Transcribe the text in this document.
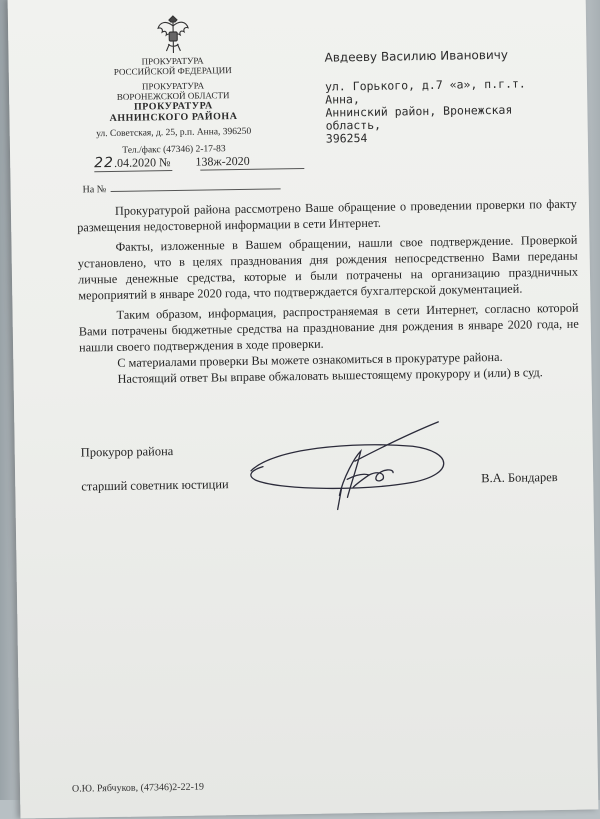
ПРОКУРАТУРА
РОССИЙСКОЙ ФЕДЕРАЦИИ
ПРОКУРАТУРА
ВОРОНЕЖСКОЙ ОБЛАСТИ
ПРОКУРАТУРА
АННИНСКОГО РАЙОНА
ул. Советская, д. 25, р.п. Анна, 396250
Тел./факс (47346) 2-17-83
22.04.2020 № 138ж-2020
На №
Авдееву Василию Ивановичу
ул. Горького, д.7 «а», п.г.т. Анна,
Аннинский район, Вронежская область,
396254

Прокуратурой района рассмотрено Ваше обращение о проведении проверки по факту размещения недостоверной информации в сети Интернет.

Факты, изложенные в Вашем обращении, нашли свое подтверждение. Проверкой установлено, что в целях празднования дня рождения непосредственно Вами переданы личные денежные средства, которые и были потрачены на организацию праздничных мероприятий в январе 2020 года, что подтверждается бухгалтерской документацией.

Таким образом, информация, распространяемая в сети Интернет, согласно которой Вами потрачены бюджетные средства на празднование дня рождения в январе 2020 года, не нашли своего подтверждения в ходе проверки.

С материалами проверки Вы можете ознакомиться в прокуратуре района.

Настоящий ответ Вы вправе обжаловать вышестоящему прокурору и (или) в суд.

Прокурор района
старший советник юстиции	В.А. Бондарев
О.Ю. Рябчуков, (47346)2-22-19
